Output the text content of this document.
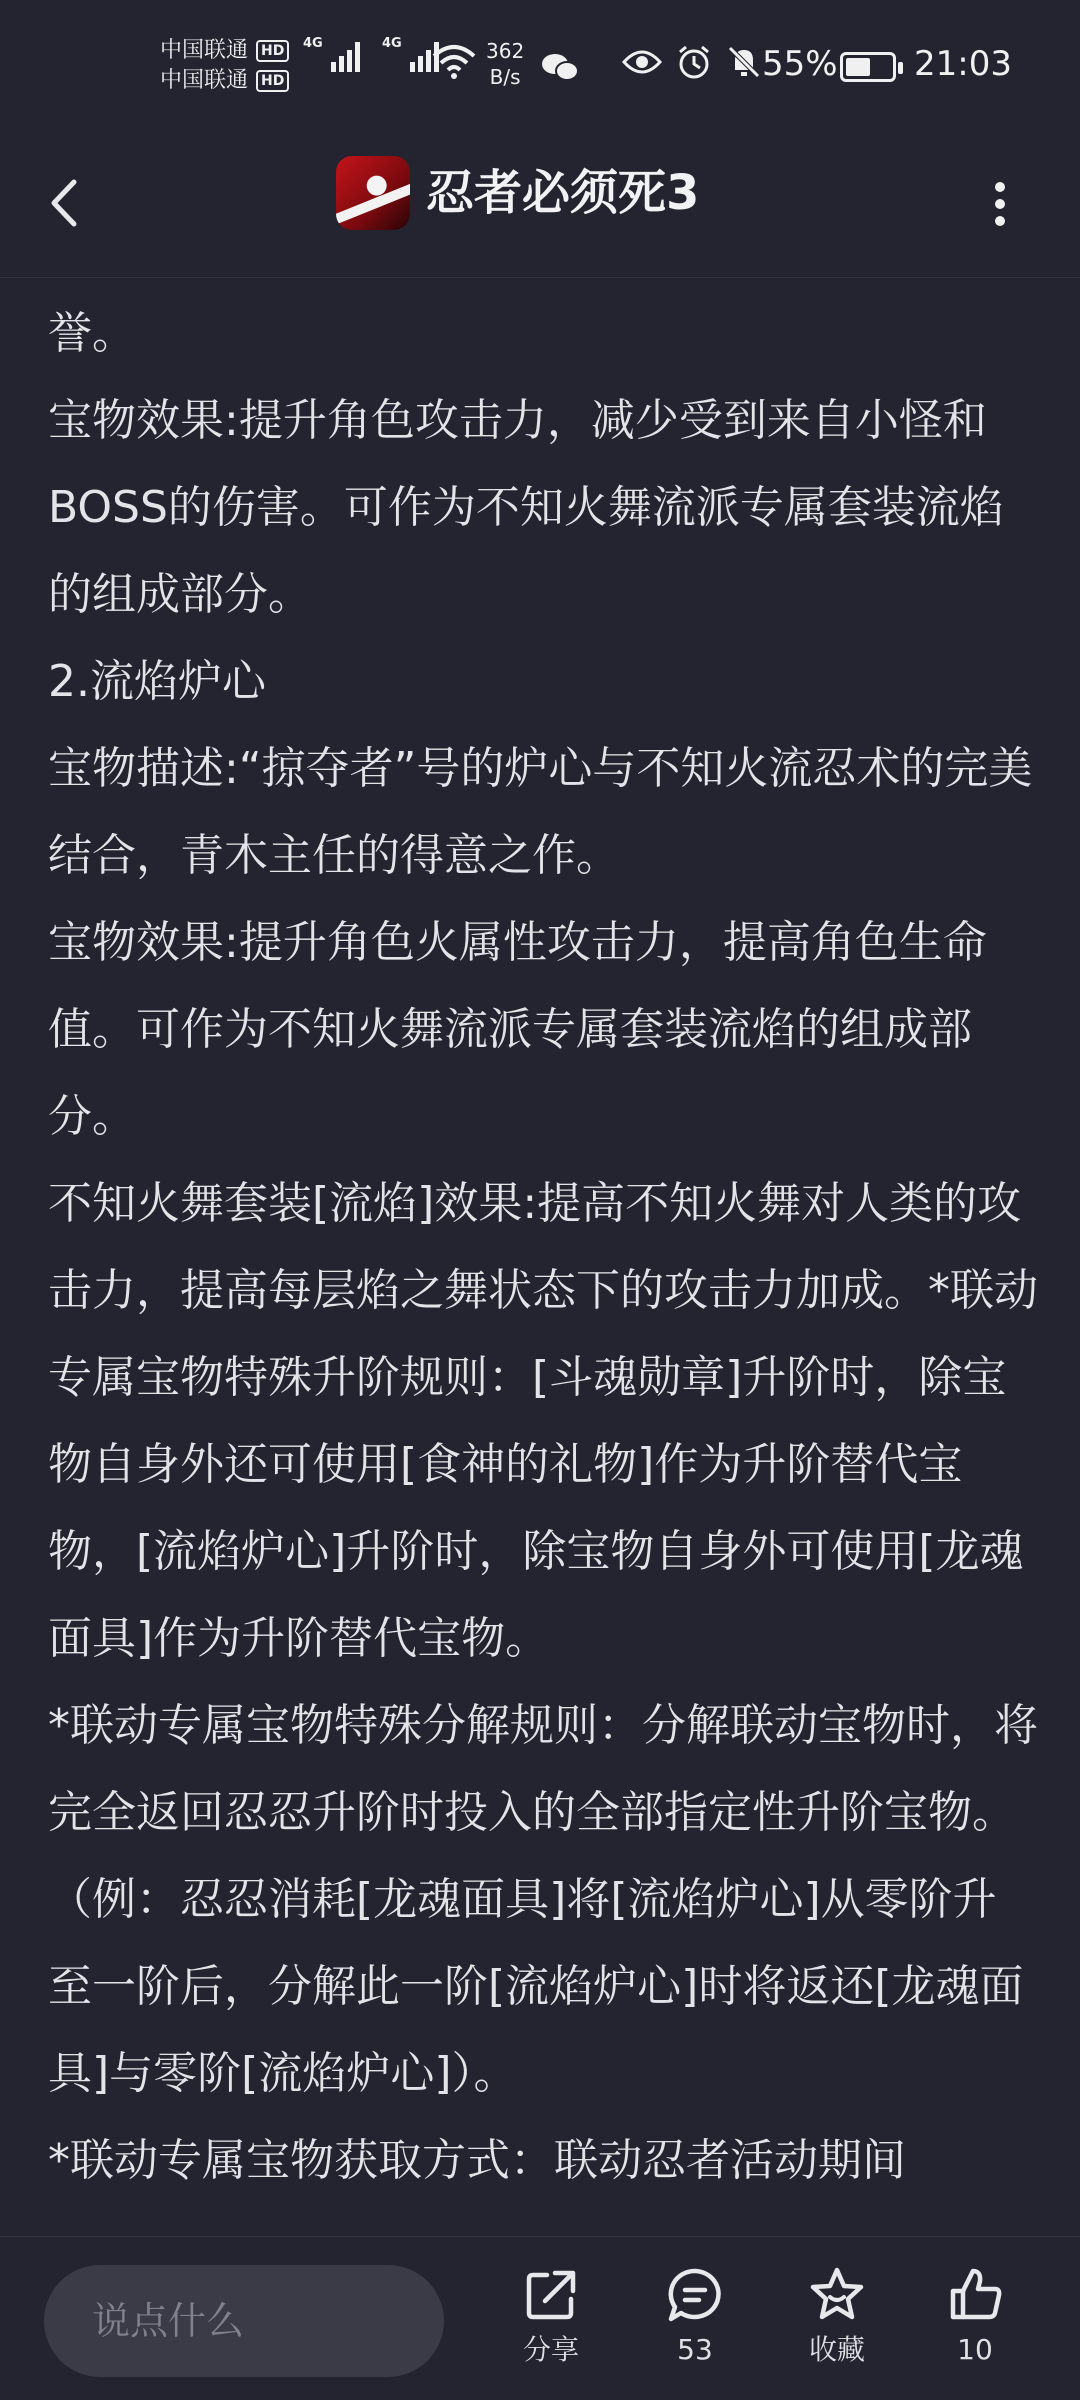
中国联通 HD
中国联通 HD
4G	4G	362
B/s	55% 21:03
忍者必须死3

誉。

宝物效果:提升角色攻击力，减少受到来自小怪和BOSS的伤害。可作为不知火舞流派专属套装流焰的组成部分。

2.流焰炉心

宝物描述:“掠夺者”号的炉心与不知火流忍术的完美结合，青木主任的得意之作。

宝物效果:提升角色火属性攻击力，提高角色生命值。可作为不知火舞流派专属套装流焰的组成部分。

不知火舞套装[流焰]效果:提高不知火舞对人类的攻击力，提高每层焰之舞状态下的攻击力加成。*联动专属宝物特殊升阶规则：[斗魂勋章]升阶时，除宝物自身外还可使用[食神的礼物]作为升阶替代宝物，[流焰炉心]升阶时，除宝物自身外可使用[龙魂面具]作为升阶替代宝物。

*联动专属宝物特殊分解规则：分解联动宝物时，将完全返回忍忍升阶时投入的全部指定性升阶宝物。（例：忍忍消耗[龙魂面具]将[流焰炉心]从零阶升至一阶后，分解此一阶[流焰炉心]时将返还[龙魂面具]与零阶[流焰炉心]）。

*联动专属宝物获取方式：联动忍者活动期间

说点什么
分享	53	收藏	10
